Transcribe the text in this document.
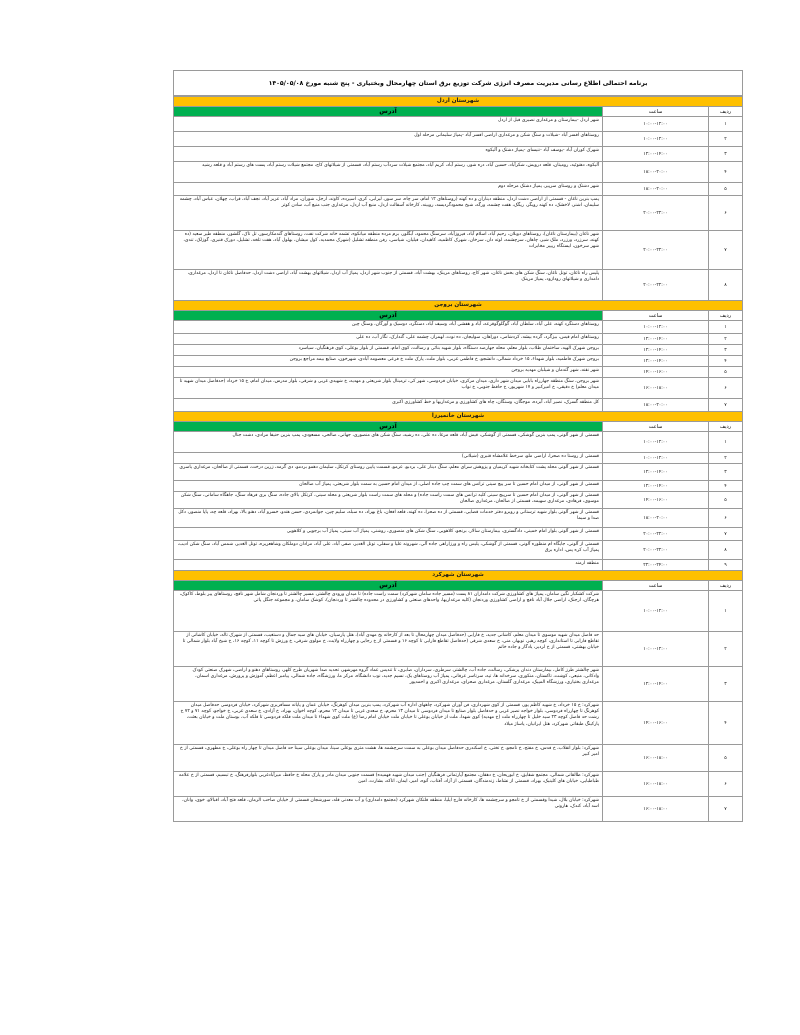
برنامه احتمالی اطلاع رسانی مدیریت مصرف انرژی شرکت توزیع برق استان چهارمحال وبختیاری - پنج شنبه مورخ ۱۴۰۵/۰۵/۰۸
شهرستان اردل
ردیف
ساعت
آدرس
۱
۱۰:۰۰-۱۲:۰۰
شهر اردل -بیمارستان و مرغداری نصیری قبل از اردل
۲
۱۰:۰۰-۱۲:۰۰
روستاهای افسر آباد -شیلات و سنگ شکن و مرغداری اراضی افسر آباد -پمپاژ سلیمانی مرحله اول
۳
۱۲:۰۰-۱۴:۰۰
شهرک کوران آباد -یوسف آباد -ننیسای -پمپاژ دشتک و آلیکوه
۴
۱۸:۰۰-۲۰:۰۰
آلیکوه، دهنوئیه، رومیتان، قلعه درویش، شکرآباد، حسین آباد، دره شور، رستم آباد، کریم آباد، مجتمع شیلات سردآب رستم آباد، قسمتی از شیلاتهای کاج، مجتمع شیلات رستم آباد، پست های رستم آباد و قلعه رشید
۵
۱۸:۰۰-۲۰:۰۰
شهر دشتک و روستای سرپیر، پمپاژ دشتک مرحله دوم
۶
۲۰:۰۰-۲۲:۰۰
پمپ بنزین ناغان - قسمتی از اراضی دشت اردل، منطقه دیناران و ده کهنه (روستاهای ۱۲ امام، سر چاه، سر سور، لیرابی، کری، اسپرده، کاوند، ارجل، شوران، مراد آباد، عزیز آباد، نجف آباد، قراب، چهلان، عباس آباد، چشمه سلیمان، اشنر، لاخشک، ده کهنه رویگر، ریگک، هفت چشمه، ورگه، شیخ محمودگردیسه، رویینه، کارخانه آسفالت اردل، منبع آب اردل، مرغداری جنب منبع آب، سادن کوتر
۷
۲۰:۰۰-۲۲:۰۰
شهر ناغان (بیمارستان ناغان)، روستاهای دوبلان، رحیم آباد، اسلام آباد، فیروزآباد، سرسنگ محمود، آبگلور، برم مرده منطقه میانکوه، تشمه خانه شرکت نفت، روستاهای گندمکارسور، تل تاک، گلشور، منطقه طیر سعید (ده کهنه، سرزرد، ورزرد، ملک شیر، چاهان، سرچشمه، لوته دان، سرخان، شهرک کاظمیه، کاهیدان، فیلیان، شیاسی، رفن منطقه تشلیل (شهرک محمدیه، کول میشان، بهلول آباد، هفت تلخه، تشلیل، دورک قنبری، گوزلک، تندی، شهر سرخون، ایستگاه ریپیر مخابرات
۸
۲۰:۰۰-۲۲:۰۰
پلیس راه ناغان، تونل ناغان، سنگ شکن های بخش ناغان، شهر کاج، روستاهای مرینک، بهشت آباد، قسمتی از جنوب شهر اردل، پمپاژ آب اردل، شیلاتهای بهشت آباد، اراضی دشت اردل، حدفاصل ناغان تا اردل، مرغداری، دامداری و شیلاتهای رودازود، پمپاژ مرینک
شهرستان بروجن
ردیف
ساعت
آدرس
۱
۱۰:۰۰-۱۲:۰۰
روستاهای دستگرد کهنه، علی آباد، سلطان آباد، گوگلوگوقرعه، آباد و هفشی آباد، وسیف آباد، دستگرد، دوسیک و آورگان، وسنگ چین
۲
۱۲:۰۰-۱۴:۰۰
روستاهای امام قیس، بیژگرد، گرده بیشه، کردشامی، دوراهان، سولیجان، ده نوت، لهمراز، چشمه علی، گندارک، نگار آب، ده علی
۳
۱۲:۰۰-۱۴:۰۰
بروجن شهرک الهیه، ساختمان طلاب، بلوار معلم، محله جهارصد دستگاه، بلوار شهید بنائی و رسالت، کوی امام، قسمتی از بلوار بوعلی، کوی فرهنگیان، سیاسرد
۴
۱۲:۰۰-۱۴:۰۰
بروجن شهرک فاطمیه، بلوار شهداء، ۱۵ خرداد شمالی، دانشجو، خ فاطمی غربی، بلوار ملت، پارک ملت خ فرعی معصومه آبادی، شهرخون، صنایع بیمه مراجع بروجن
۵
۱۴:۰۰-۱۶:۰۰
شهر نقنه، شهر گندمان و شیلبان مهدیه بروجن
۶
۱۶:۰۰-۱۸:۰۰
شهر بروجن، سنگ منطقه جهارراه بابایی میدان شهر داری، میدان مرکزی، خیابان فردوسی، شهر کی، ترمینال بلوار شریعتی و مهدیه، خ شهیدی غربی و شرقی، بلوار مدرس، میدان امام، خ ۱۵ خرداد (حدفاصل میدان شهید تا میدان معلم) خ دقیقی، خ امیرکبیر و ۱۷ شهریور، خ حافظ جنوبی، خ نواب
۷
۱۸:۰۰-۲۰:۰۰
کل منطقه گسرک، نصیر آباد، آبرده، موجگان، وسنگان، چاه های کشاورزی و مرغداریها و خط کشاورزی اکبری
شهرستان خانمیرزا
ردیف
ساعت
آدرس
۱
۱۰:۰۰-۱۲:۰۰
قسمتی از شهر آلونی، پمپ بنزین گوشکی، قسمتی از گوشکی، قیش آباد، قلعه مرغا، ده علی، ده رشید، سنگ شکن های منصوری، جهانی، صالحی، مسعودی، پمپ بنزین حنیفا مرادی، دشت جنال
۲
۱۰:۰۰-۱۲:۰۰
قسمتی از روستا ده صحرا، اراضی ملو، سرخط غلامشاه قنبری (شیلانی)
۳
۱۲:۰۰-۱۴:۰۰
قسمتی از شهر آلونی محله پشت کتابخانه شهید کریمیان و پژوهش سرای معلم، سنگ دینار علی، بردبو، عرمو، قسمت پایین روستای کرتکل، سلیمان دهمو بردمو، دی گرمه، زرین درخت، قسمتی از صالحان، مرغداری یاسری
۴
۱۲:۰۰-۱۴:۰۰
قسمتی از شهر آلونی، از میدان امام حسین تا سر پیچ سینی ترانس های سمت چپ جاده اصلی، از میدان امام حسین به سمت بلوار شریعتی، پمپاژ آب صالحان
۵
۱۴:۰۰-۱۶:۰۰
قسمتی از شهر آلونی، از میدان امام حسین تا سرپیچ سینی کلیه ترانس های سمت راست جاده) و محله های سمت راست بلوار شریعتی و محله سینی، کرتکل بالای جاده، سنگ بری فرهاد سنگ، جاهگاه سامانی، سنگ شکن موسوی، فرهادی، مرغداری سهیمه، قسمتی از صالحان، مرغداری صالحان
۶
۱۸:۰۰-۲۰:۰۰
قسمتی از شهر آلونی بلوار شهید ترستانی و روبرو دفتر خدمات قضایی، قسمتی از ده صحرا، ده کهنه، قلعه افغان، باغ بهراد، ده سبله، سلیم چین، جوانمردی، حسن هندو، خسرو آباد، دهنو بالا، بهراد، قلعه چه، پاپا منصور، دکل صدا و سیما
۷
۲۰:۰۰-۲۲:۰۰
قسمتی از شهر آلونی بلوار امام خمینی، دادگستری، بیمارستان سالار، برنجو، کلاهویی، سنگ شکن های منصوری، روشنی، پمپاژ آب سینی، پمپاژ آب برجویی و کلاهویی
۸
۲۰:۰۰-۲۲:۰۰
قسمتی از آلونی، جایگاه ام منظوره آلونی، قسمتی از گوشکی، پلیس راه و ورزاراهی جاده آلی، شهرونه علیا و سفلی، تونل الغدیر، صفی آباد، علی آباد، مرادان دوملکان وشاهعزیزه، تونل الغدیر، شمس آباد، سنگ شکن ادیب، پمپاژ آب کره پس، اداره برق
۹
۲۲:۰۰-۲۴:۰۰
منطقه ارمند
شهرستان شهرکرد
ردیف
ساعت
آدرس
۱
۱۰:۰۰-۱۲:۰۰
شرکت کشکبار نگین سامان، پمپاژ های کشاورزی شرکت دامداران ۸۱ پست (مسیر جاده سامان شهرکرد) سمت راست جاده) تا میدان ورودی چالشتر، مسیر چالشتر تا وردنجان شامل شهر نافچ، روستاهای پیر بلوط، کاکوک، هرچگان، ارجنک، اراضی جلال آباد نافچ و اراضی کشاورزی وردنجان (کلیه مرغداریها، واحدهای صنعتی و کشاورزی در محدوده چالشتر تا وردنجان)، کوشک سامان، و مجموعه جنگل پاتی
۲
۱۰:۰۰-۱۲:۰۰
حد فاصل میدان شهید موسوی تا میدان معلم، کاشانی جدید، خ فارابی (حدفاصل میدان چهارمحال تا بعد از کارخانه یخ مهدی آباد)، هتل پارسیان، خیابان های سید جمال و دستغیب، قسمتی از شهرک تاله، خیابان کاشانی از تقاطع فارابی تا استانداری، کوچه رهبر، نوبهار، منی، خ سعدی شرقی (حدفاصل تقاطع فارابی تا کوچه ۱۶ و قسمتی از خ رجایی و چهارراه ولایت، خ مولوی شرقی، خ ورزش تا کوچه ۱۱، کوچه ۱۶، خ شیخ آباد بلوار شمالی تا خیابان بهشتی، قسمتی از خ لردیر، یادگار و جاده خاتم
۳
۱۲:۰۰-۱۴:۰۰
شهر چالشتر طرز کامل، بیمارستان دندان پزشکی، رسالت، جاده آب، چالشتر، سرطری، سرداران، صابری، تا تندیس عماد گروه مهرشهر، تحدید صدا شهریان طرح کلهر، روستاهای دهنو و اراضی، شهرک صنعتی کودک وادکانی، منیعی، کوشت، تاکستان، منکوری، سرخدانه ها، تپه، سرتاسر عرفانی، پمپاژ آب روستاهای یک، نسیم جدید، نوب دانشگاه، مرکز ما، ورزشگاه، جاده شمالی، پیامبر اعظم، آموزش و پرورش، مرغداری اسمان، مرغداری بختیاری، ورزشگاه المپیک، مرغداری گلستان، مرغداری صحرای، مرغداری اکبری و احمدپور
۴
۱۴:۰۰-۱۶:۰۰
شهرکرد: خ ۱۵ خرداد، خ شهید کاظم پور، قسمتی از کوی شهرداری، فن آوران شهرکرد، چاههای اداره آب شهرکرد، پمپ بنزین میدان کوهرنگ، خیابان عمان و پایانه مسافربری شهرکرد، خیابان فردوسی حدفاصل میدان کوهرنگ تا چهارراه فردوسی، بلوار خواجه نصیر غربی و حدفاصل بلوار صنایع تا میدان فردوسی تا میدان ۱۳ محرم، خ سعدی غربی تا میدان ۱۳ محرم، کوچه اخوان، بهزاد، خ آزادی، خ سعدی غربی، خ خواجو، کوچه ۷۱ و ۷۲ خ رشت حد فاصل کوچه ۲۳ سید خلیل تا چهارراه ملت (خ مهدیه) کوی شهدا، ملت از خیابان بوعلی تا خیابان ملت خیابان امام رضا (ع) ملت کوی شهداء تا میدان ملت فلکه فردوسی تا فلکه آب، بوستان ملت و خیابان بعثت، پارکینگ طبقاتی شهرکرد، هتل ایرانیان، پاساژ میلاد
۵
۱۶:۰۰-۱۸:۰۰
شهرکرد: بلوار انقلاب، خ فدس، خ مفتح، خ نامجو، خ تختی، خ اسکندری حدفاصل میدان بوعلی به سمت سرچشمه ها، هشت متری بوعلی سینا، میدان بوعلی سینا حد فاصل میدان تا چهار راه بوعلی، خ مطهری، قسمتی از خ امیر کبیر
۶
۱۶:۰۰-۱۸:۰۰
شهرکرد: طالقانی شمالی، مجتمع شقایق، خ ابوریحان، خ دهقان، مجتمع آپارتمانی فرهنگیان (جنب میدان شهید فهمیده) قسمت جنوبی میدان مادر و پارک محله خ حافظ، میرآبادغربی بلوارفرهنگ، خ تبسیم، قسمتی از خ علامه طباطبایی، خیابان های کلینیک، بهزاد، قسمتی از نشاط، زندمندگان، قسمتی از آزاد، آفتاب، آتوه، امیر، ایمان، اتاکه، بشارت، امین
۷
۱۶:۰۰-۱۸:۰۰
شهرکرد: خیابان بلال، شیدا وقسمتی از خ تامجو و سرچشمه ها، کارخانه فارج ایلیا، منطقه فلتکان شهرکرد (مجتمع دامداری) و آب معدنی قله، سورشجان قسمتی از خیابان صاحب الزمان، قلعه فتح آباد، اقبالاو، خوی، وانان، اسد آباد، کندک، هارونی
